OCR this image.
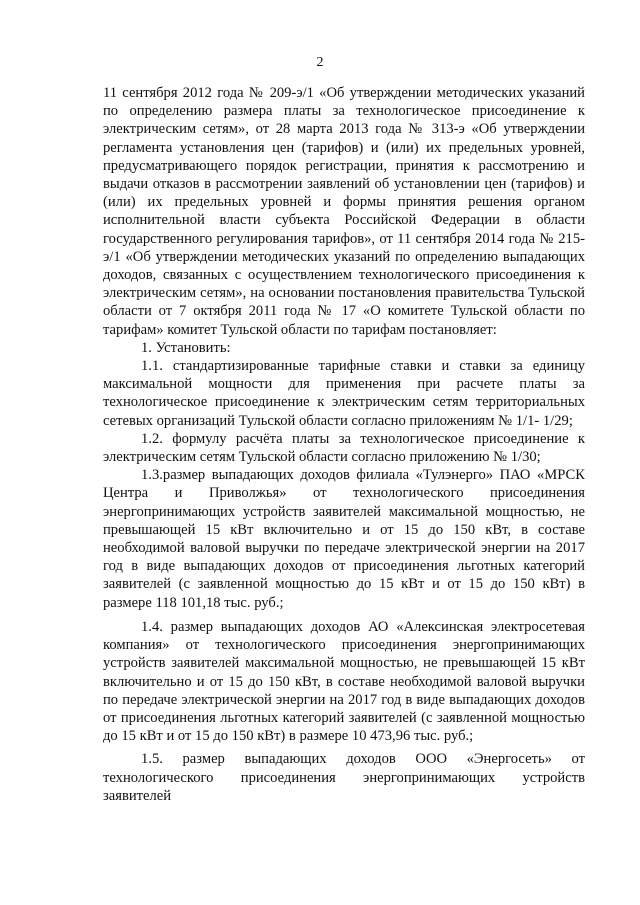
2

11 сентября 2012 года № 209-э/1 «Об утверждении методических указаний по определению размера платы за технологическое присоединение к электрическим сетям», от 28 марта 2013 года № 313-э «Об утверждении регламента установления цен (тарифов) и (или) их предельных уровней, предусматривающего порядок регистрации, принятия к рассмотрению и выдачи отказов в рассмотрении заявлений об установлении цен (тарифов) и (или) их предельных уровней и формы принятия решения органом исполнительной власти субъекта Российской Федерации в области государственного регулирования тарифов», от 11 сентября 2014 года № 215-э/1 «Об утверждении методических указаний по определению выпадающих доходов, связанных с осуществлением технологического присоединения к электрическим сетям», на основании постановления правительства Тульской области от 7 октября 2011 года № 17 «О комитете Тульской области по тарифам» комитет Тульской области по тарифам постановляет:

1. Установить:

1.1. стандартизированные тарифные ставки и ставки за единицу максимальной мощности для применения при расчете платы за технологическое присоединение к электрическим сетям территориальных сетевых организаций Тульской области согласно приложениям № 1/1- 1/29;

1.2. формулу расчёта платы за технологическое присоединение к электрическим сетям Тульской области согласно приложению № 1/30;

1.3.размер выпадающих доходов филиала «Тулэнерго» ПАО «МРСК Центра и Приволжья» от технологического присоединения энергопринимающих устройств заявителей максимальной мощностью, не превышающей 15 кВт включительно и от 15 до 150 кВт, в составе необходимой валовой выручки по передаче электрической энергии на 2017 год в виде выпадающих доходов от присоединения льготных категорий заявителей (с заявленной мощностью до 15 кВт и от 15 до 150 кВт) в размере 118 101,18 тыс. руб.;

1.4. размер выпадающих доходов АО «Алексинская электросетевая компания» от технологического присоединения энергопринимающих устройств заявителей максимальной мощностью, не превышающей 15 кВт включительно и от 15 до 150 кВт, в составе необходимой валовой выручки по передаче электрической энергии на 2017 год в виде выпадающих доходов от присоединения льготных категорий заявителей (с заявленной мощностью до 15 кВт и от 15 до 150 кВт) в размере 10 473,96 тыс. руб.;

1.5. размер выпадающих доходов ООО «Энергосеть» от технологического присоединения энергопринимающих устройств заявителей
